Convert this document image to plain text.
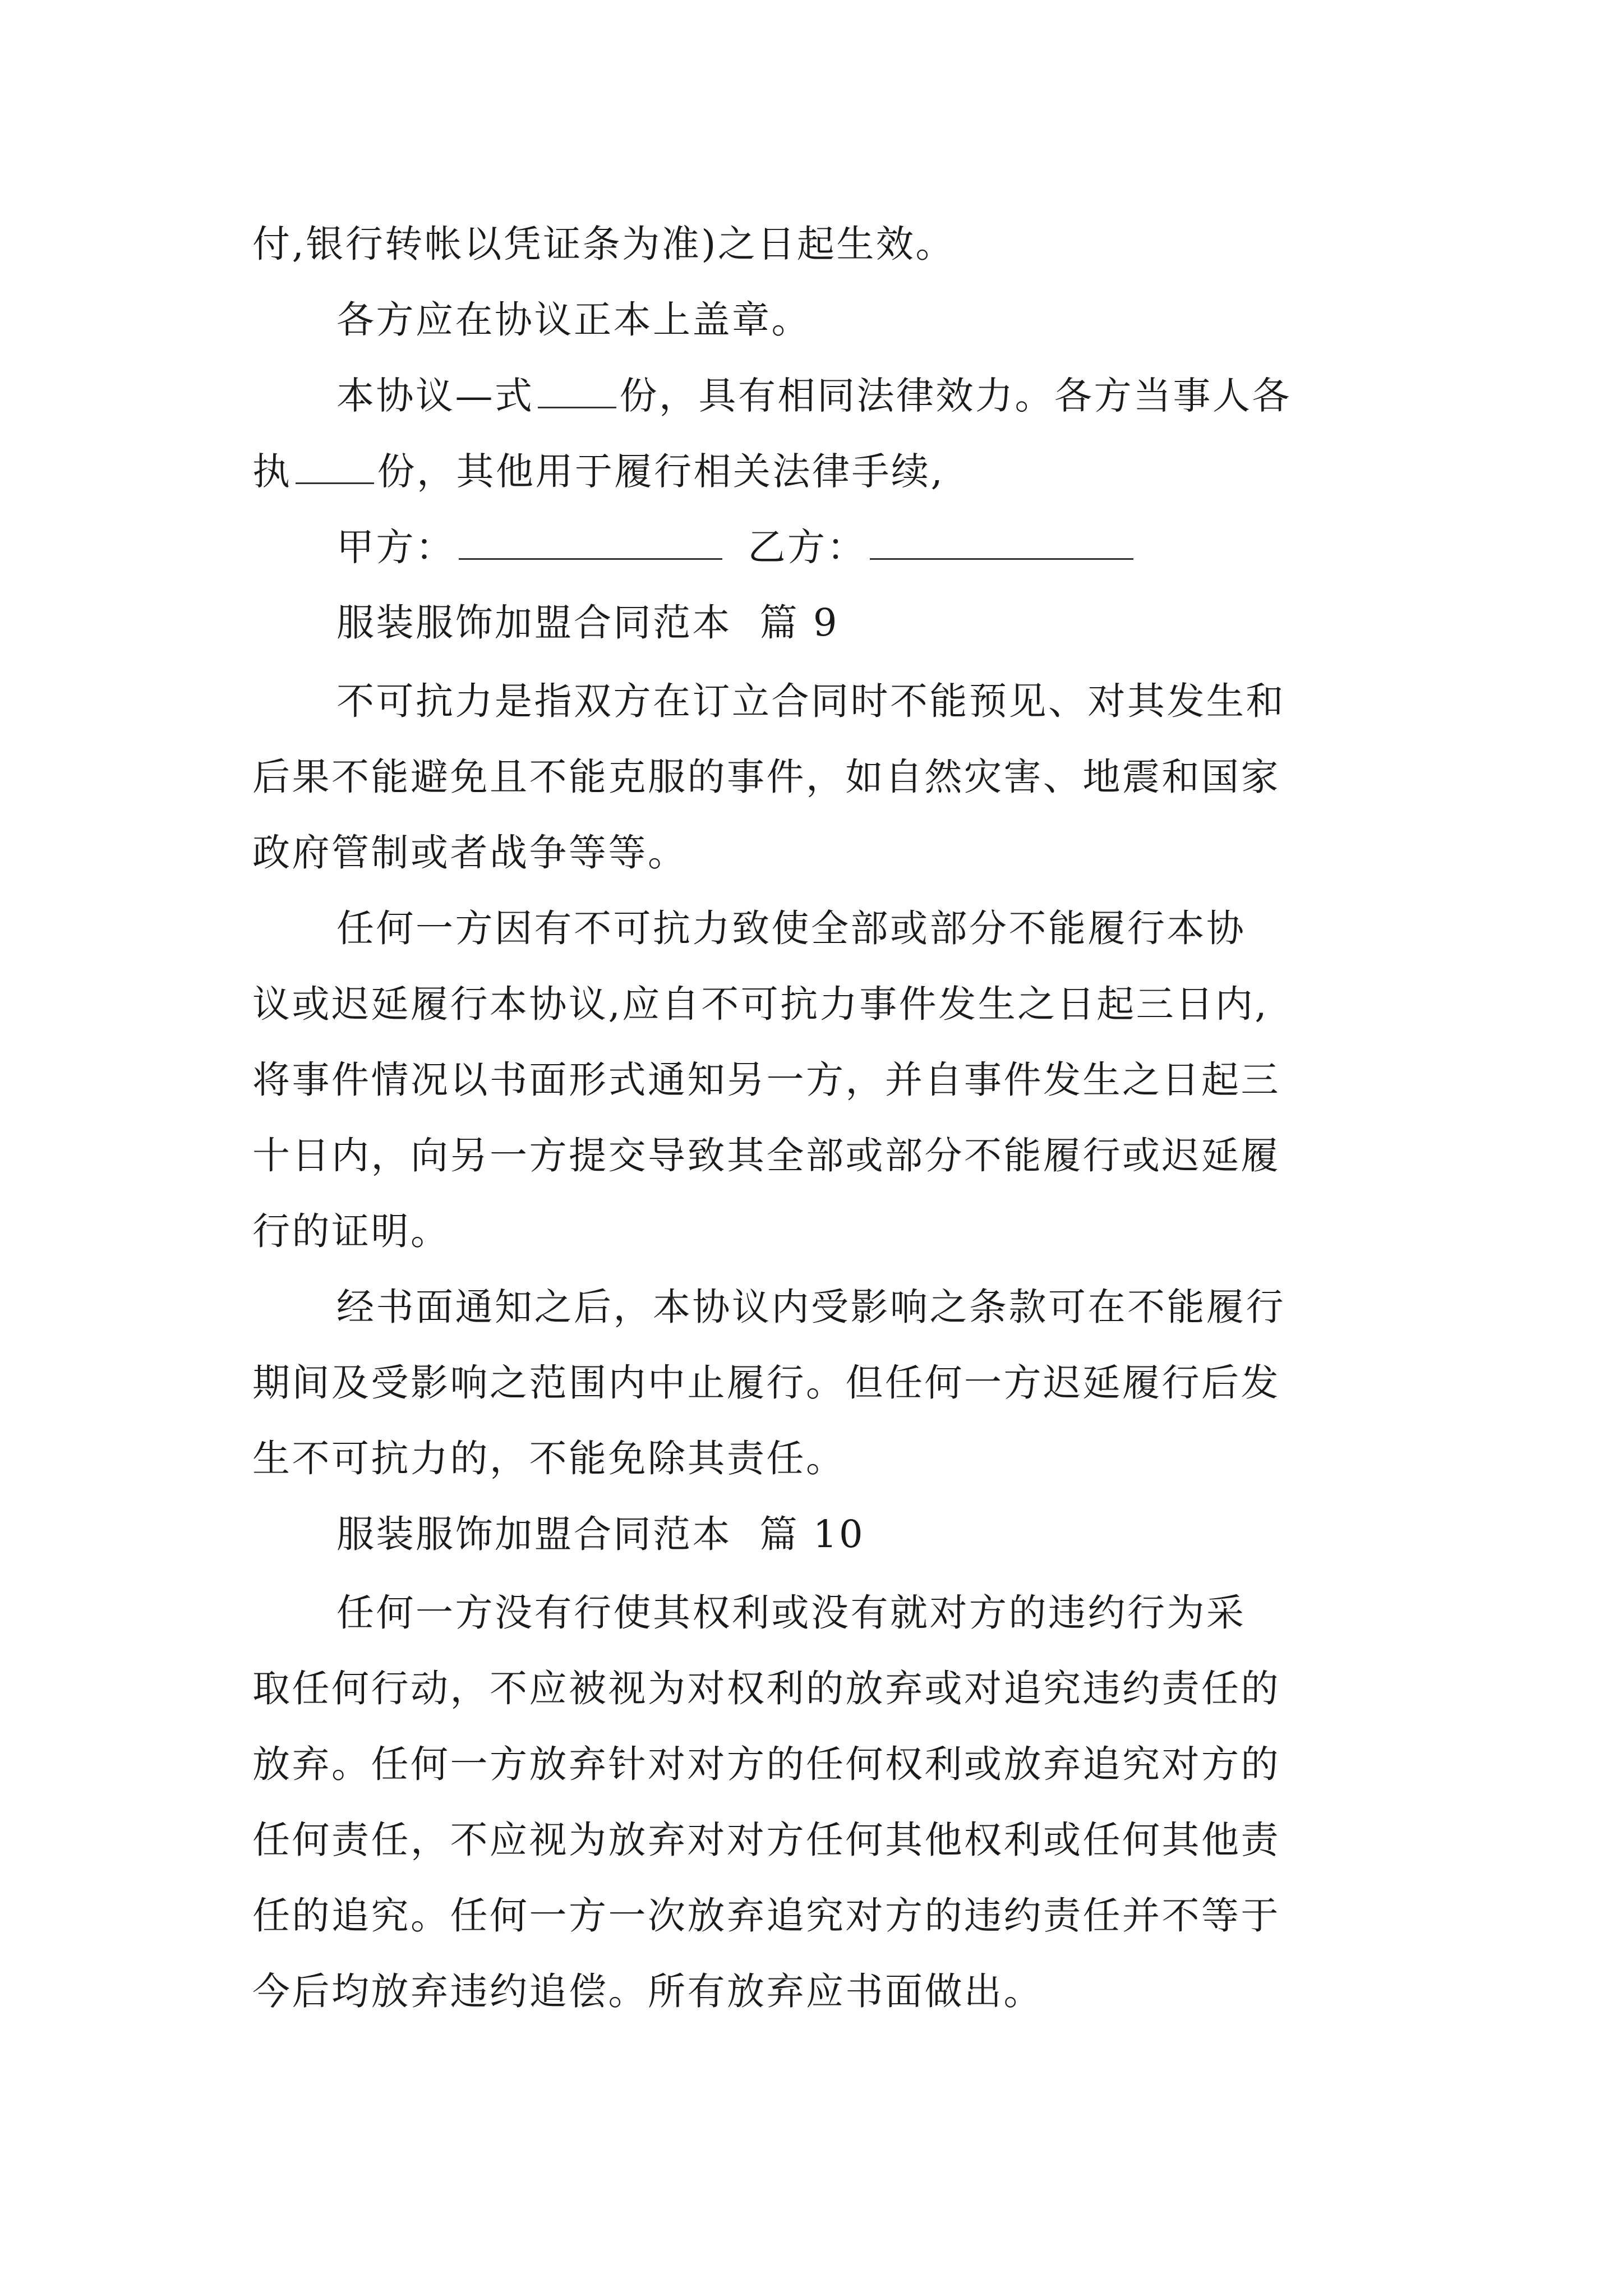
付,银行转帐以凭证条为准)之日起生效。

各方应在协议正本上盖章。

本协议—式 份，具有相同法律效力。各方当事人各

执 份，其他用于履行相关法律手续,

甲方：	乙方：

服装服饰加盟合同范本  篇 9

不可抗力是指双方在订立合同时不能预见、对其发生和

后果不能避免且不能克服的事件，如自然灾害、地震和国家

政府管制或者战争等等。

任何一方因有不可抗力致使全部或部分不能履行本协

议或迟延履行本协议,应自不可抗力事件发生之日起三日内,

将事件情况以书面形式通知另一方，并自事件发生之日起三

十日内，向另一方提交导致其全部或部分不能履行或迟延履

行的证明。

经书面通知之后，本协议内受影响之条款可在不能履行

期间及受影响之范围内中止履行。但任何一方迟延履行后发

生不可抗力的，不能免除其责任。

服装服饰加盟合同范本  篇 10

任何一方没有行使其权利或没有就对方的违约行为采

取任何行动，不应被视为对权利的放弃或对追究违约责任的

放弃。任何一方放弃针对对方的任何权利或放弃追究对方的

任何责任，不应视为放弃对对方任何其他权利或任何其他责

任的追究。任何一方一次放弃追究对方的违约责任并不等于

今后均放弃违约追偿。所有放弃应书面做出。
